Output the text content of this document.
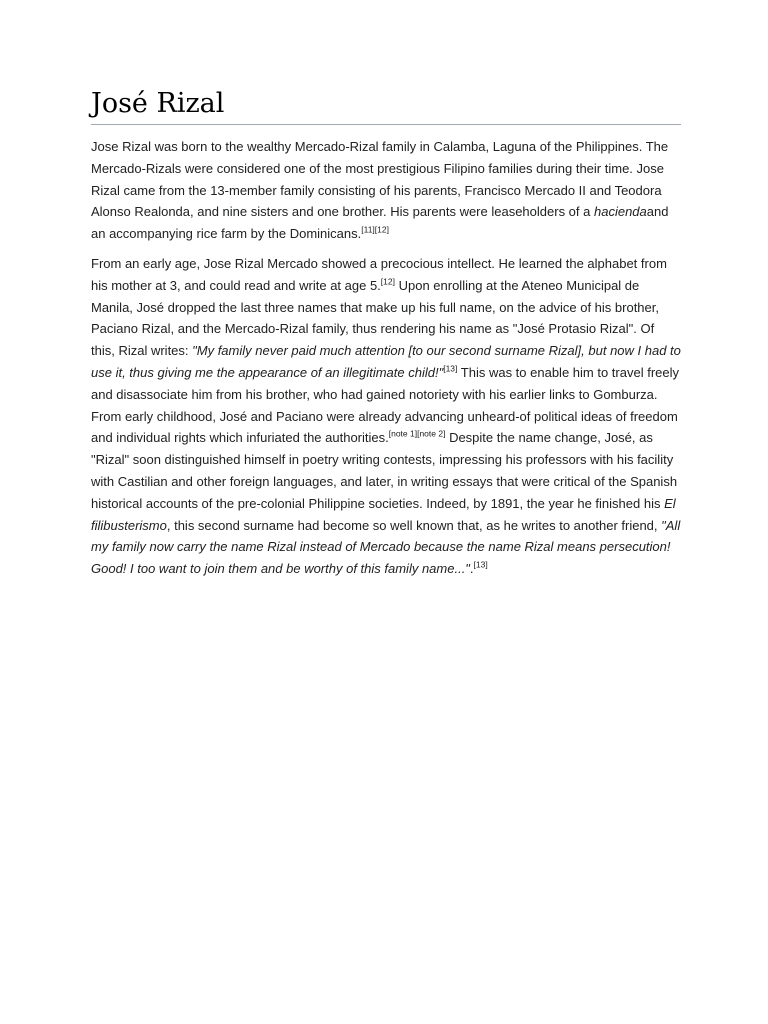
José Rizal

Jose Rizal was born to the wealthy Mercado-Rizal family in Calamba, Laguna of the Philippines. The Mercado-Rizals were considered one of the most prestigious Filipino families during their time. Jose Rizal came from the 13-member family consisting of his parents, Francisco Mercado II and Teodora Alonso Realonda, and nine sisters and one brother. His parents were leaseholders of a haciendaand an accompanying rice farm by the Dominicans.[11][12]

From an early age, Jose Rizal Mercado showed a precocious intellect. He learned the alphabet from his mother at 3, and could read and write at age 5.[12] Upon enrolling at the Ateneo Municipal de Manila, José dropped the last three names that make up his full name, on the advice of his brother, Paciano Rizal, and the Mercado-Rizal family, thus rendering his name as "José Protasio Rizal". Of this, Rizal writes: "My family never paid much attention [to our second surname Rizal], but now I had to use it, thus giving me the appearance of an illegitimate child!"[13] This was to enable him to travel freely and disassociate him from his brother, who had gained notoriety with his earlier links to Gomburza. From early childhood, José and Paciano were already advancing unheard-of political ideas of freedom and individual rights which infuriated the authorities.[note 1][note 2] Despite the name change, José, as "Rizal" soon distinguished himself in poetry writing contests, impressing his professors with his facility with Castilian and other foreign languages, and later, in writing essays that were critical of the Spanish historical accounts of the pre-colonial Philippine societies. Indeed, by 1891, the year he finished his El filibusterismo, this second surname had become so well known that, as he writes to another friend, "All my family now carry the name Rizal instead of Mercado because the name Rizal means persecution! Good! I too want to join them and be worthy of this family name...".[13]
